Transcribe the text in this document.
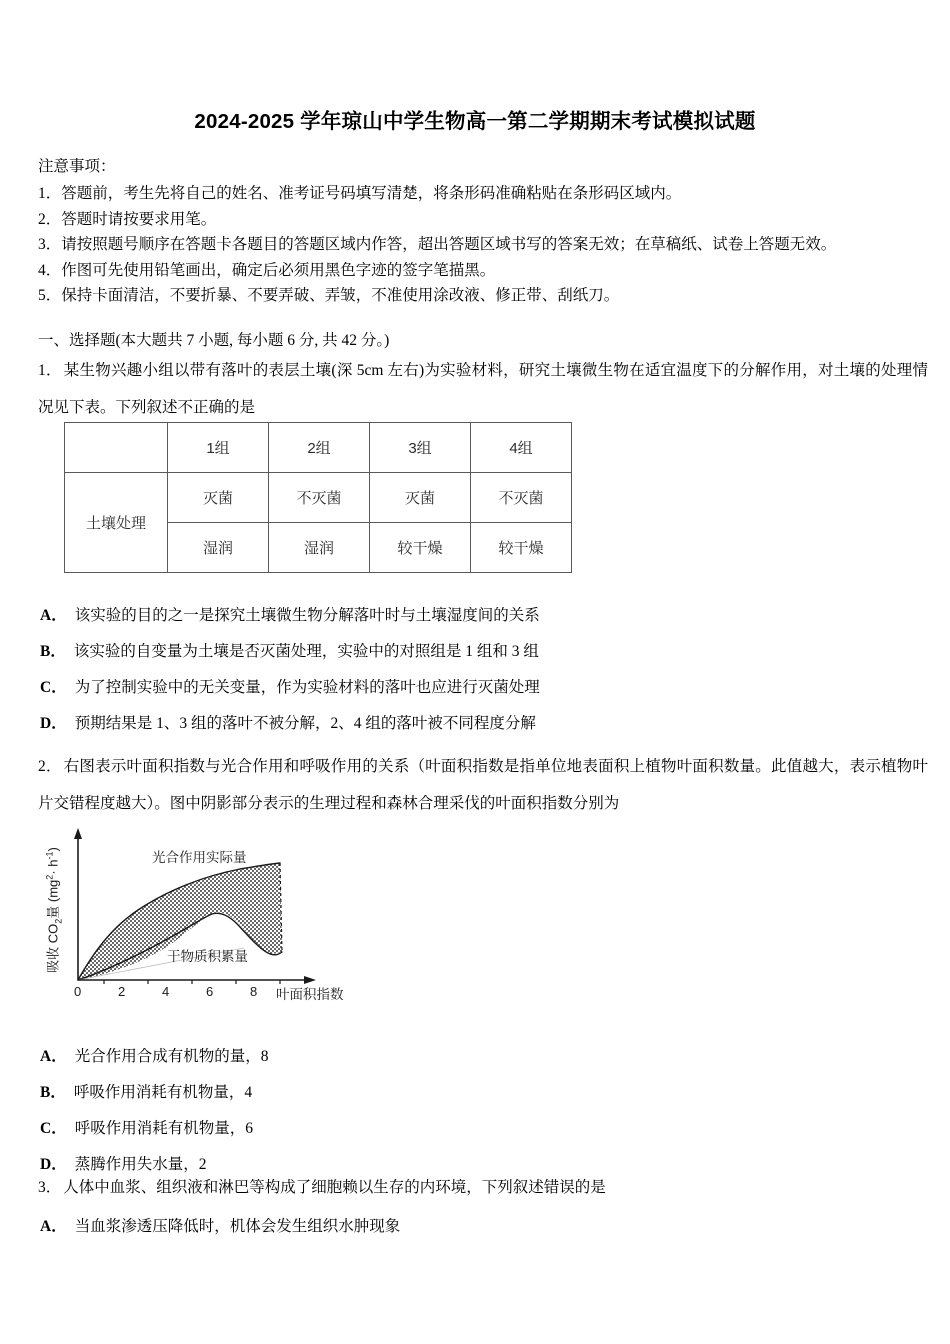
2024-2025 学年琼山中学生物高一第二学期期末考试模拟试题
注意事项：
1．答题前，考生先将自己的姓名、准考证号码填写清楚，将条形码准确粘贴在条形码区域内。
2．答题时请按要求用笔。
3．请按照题号顺序在答题卡各题目的答题区域内作答，超出答题区域书写的答案无效；在草稿纸、试卷上答题无效。
4．作图可先使用铅笔画出，确定后必须用黑色字迹的签字笔描黑。
5．保持卡面清洁，不要折暴、不要弄破、弄皱，不准使用涂改液、修正带、刮纸刀。
一、选择题(本大题共 7 小题, 每小题 6 分, 共 42 分。)
1． 某生物兴趣小组以带有落叶的表层土壤(深 5cm 左右)为实验材料，研究土壤微生物在适宜温度下的分解作用，对土壤的处理情况见下表。下列叙述不正确的是
	1组	2组	3组	4组
土壤处理	灭菌	不灭菌	灭菌	不灭菌
	湿润	湿润	较干燥	较干燥
A． 该实验的目的之一是探究土壤微生物分解落叶时与土壤湿度间的关系
B． 该实验的自变量为土壤是否灭菌处理，实验中的对照组是 1 组和 3 组
C． 为了控制实验中的无关变量，作为实验材料的落叶也应进行灭菌处理
D． 预期结果是 1、3 组的落叶不被分解，2、4 组的落叶被不同程度分解
2． 右图表示叶面积指数与光合作用和呼吸作用的关系（叶面积指数是指单位地表面积上植物叶面积数量。此值越大，表示植物叶片交错程度越大）。图中阴影部分表示的生理过程和森林合理采伐的叶面积指数分别为
吸收 $CO_2$量 $(mg^2\cdot h^{-1})$
0	2	4	6	8 叶面积指数
光合作用实际量
干物质积累量
A． 光合作用合成有机物的量，8
B． 呼吸作用消耗有机物量，4
C． 呼吸作用消耗有机物量，6
D． 蒸腾作用失水量，2
3． 人体中血浆、组织液和淋巴等构成了细胞赖以生存的内环境，下列叙述错误的是
A． 当血浆渗透压降低时，机体会发生组织水肿现象
